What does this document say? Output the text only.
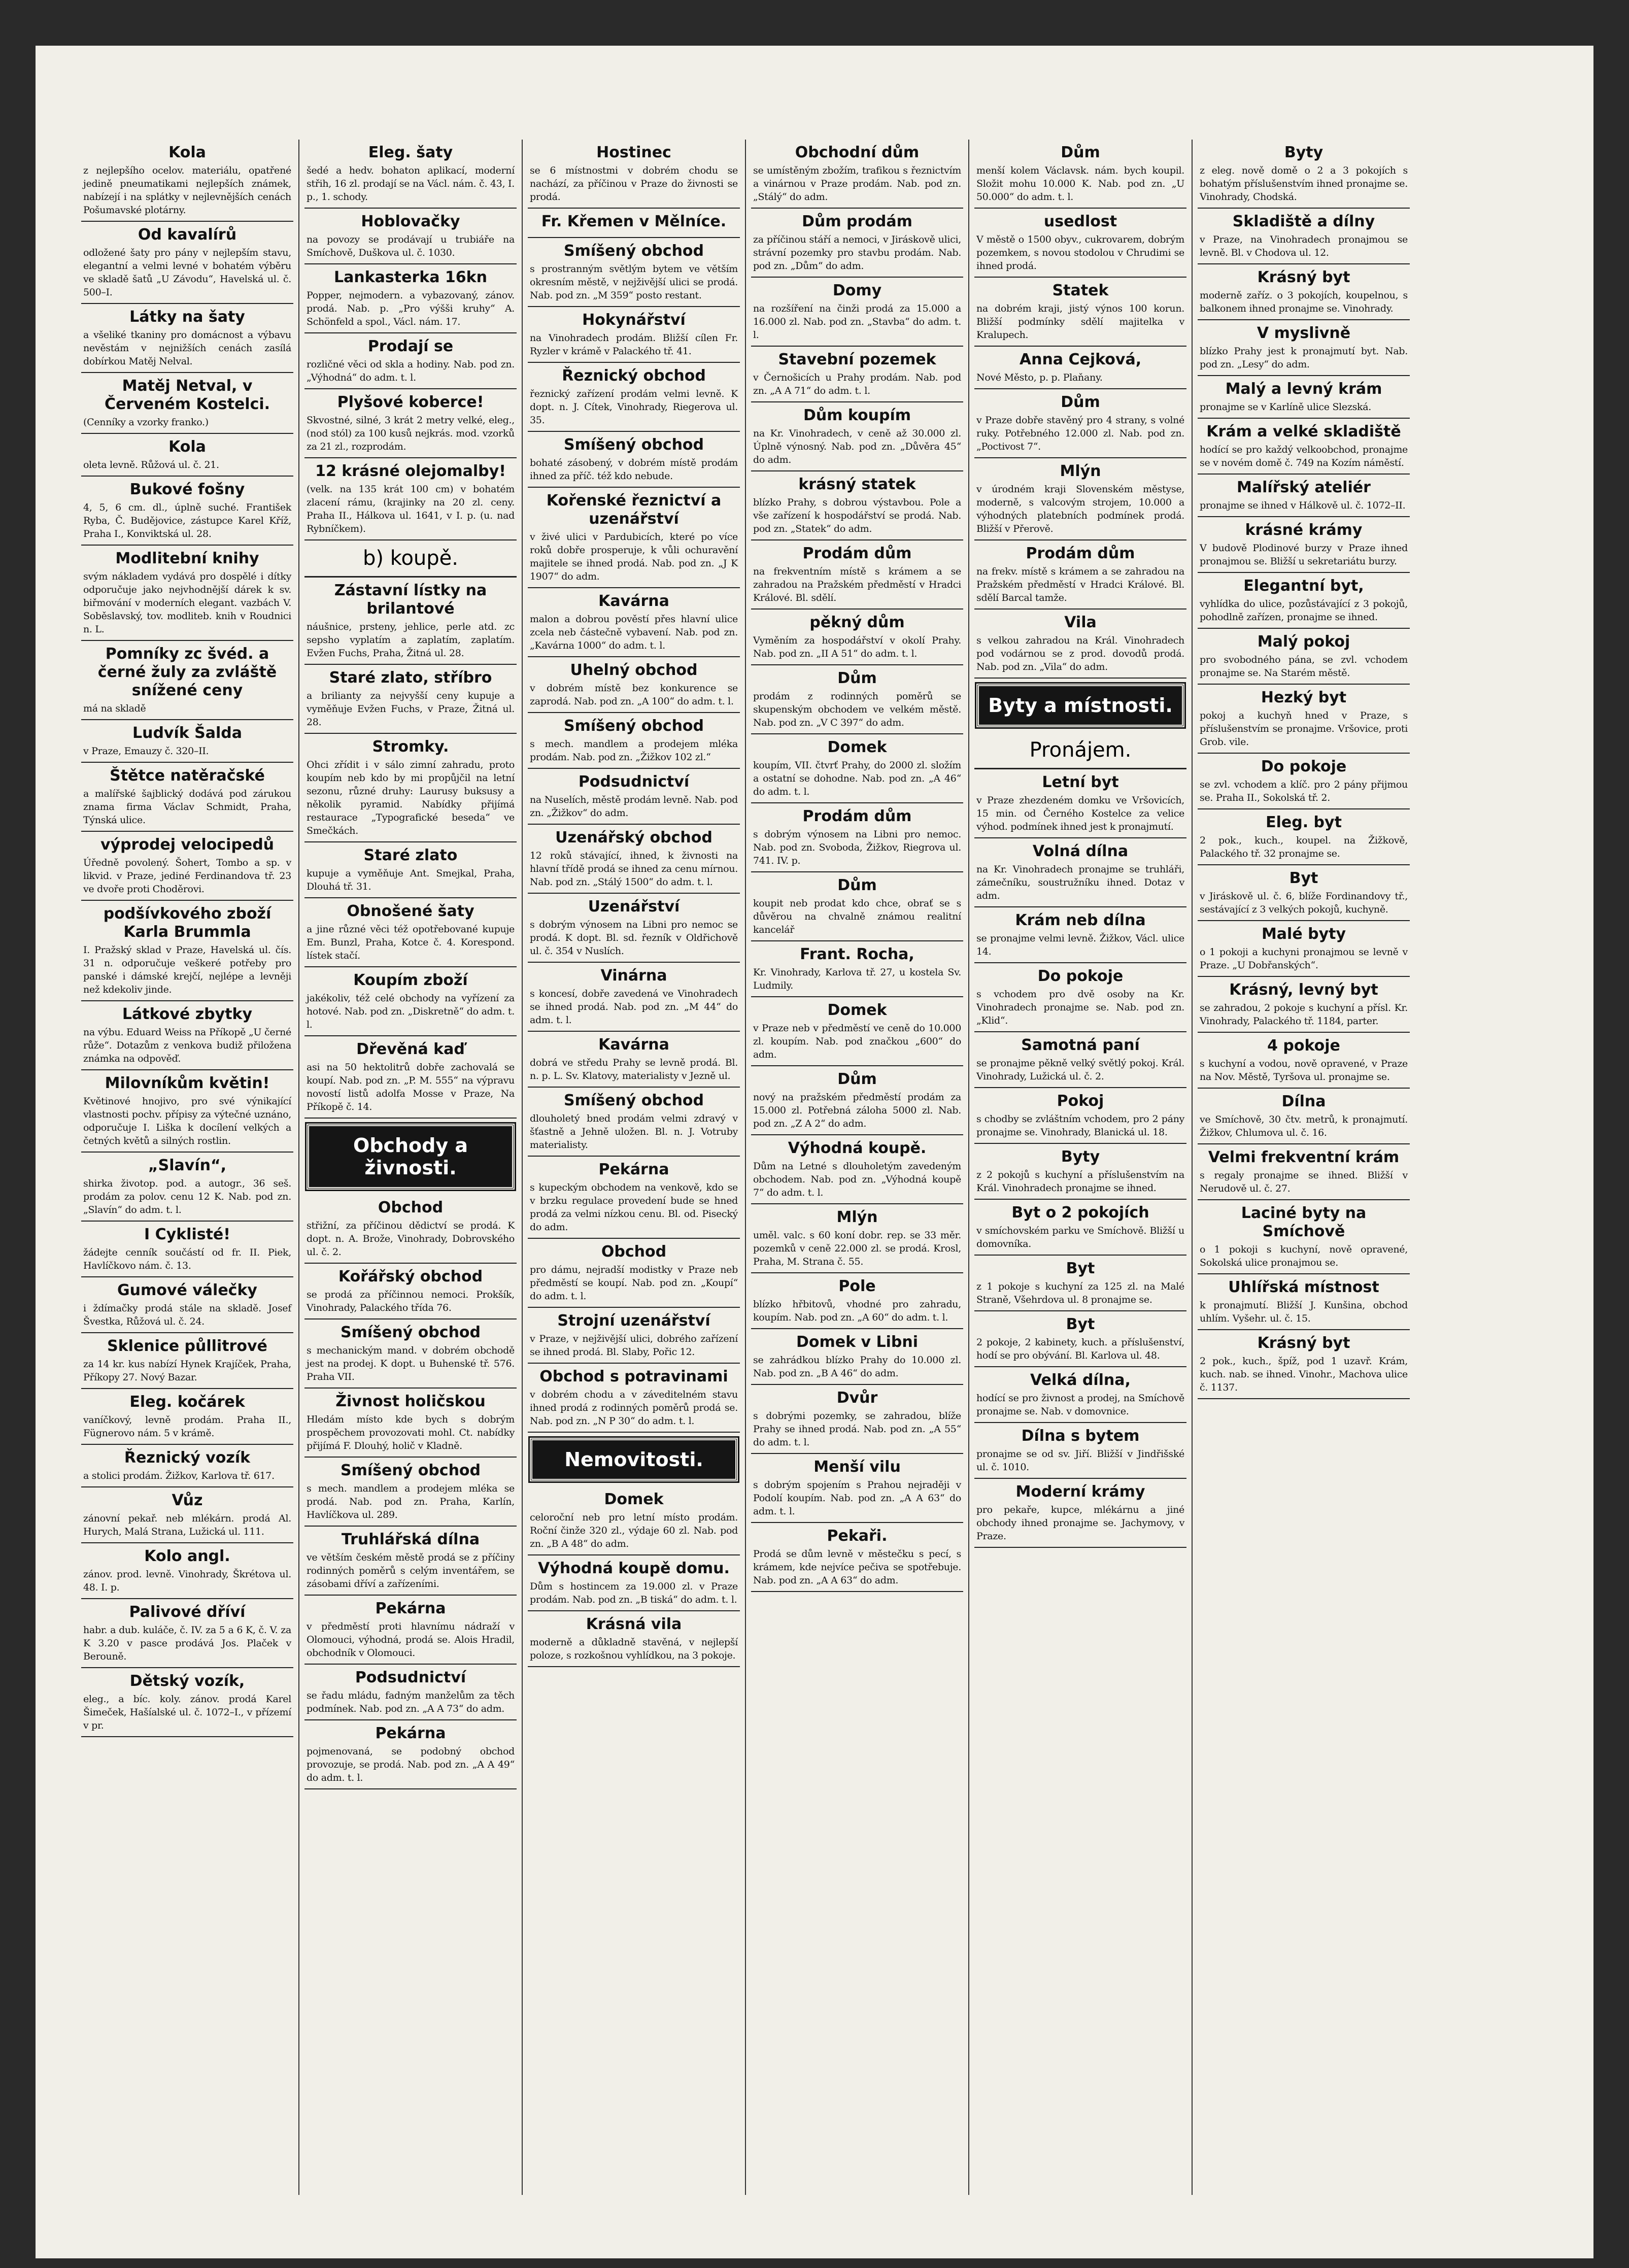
Kola
z nejlepšího ocelov. materiálu, opatřené jedině pneumatikami nejlepších známek, nabízejí i na splátky v nejlevnějších cenách Pošumavské plotárny.
Od kavalírů
odložené šaty pro pány v nejlepším stavu, elegantní a velmi levné v bohatém výběru ve skladě šatů „U Závodu“, Havelská ul. č. 500–I.
Látky na šaty
a všeliké tkaniny pro domácnost a výbavu nevěstám v nejnižších cenách zasílá dobírkou Matěj Nelval.
Matěj Netval, v Červeném Kostelci.
(Cenníky a vzorky franko.)
Kola
oleta levně. Růžová ul. č. 21.
Bukové fošny
4, 5, 6 cm. dl., úplně suché. František Ryba, Č. Budějovice, zástupce Karel Kříž, Praha I., Konviktská ul. 28.
Modlitební knihy
svým nákladem vydává pro dospělé i dítky odporučuje jako nejvhodnější dárek k sv. biřmování v moderních elegant. vazbách V. Soběslavský, tov. modliteb. knih v Roudnici n. L.
Pomníky zc švéd. a černé žuly za zvláště snížené ceny
má na skladě
Ludvík Šalda
v Praze, Emauzy č. 320–II.
Štětce natěračské
a malířské šajblický dodává pod zárukou znama firma Václav Schmidt, Praha, Týnská ulice.
výprodej velocipedů
Úředně povolený. Šohert, Tombo a sp. v likvid. v Praze, jediné Ferdinandova tř. 23 ve dvoře proti Choděrovi.
podšívkového zboží Karla Brummla
I. Pražský sklad v Praze, Havelská ul. čís. 31 n. odporučuje veškeré potřeby pro panské i dámské krejčí, nejlépe a levněji než kdekoliv jinde.
Látkové zbytky
na výbu. Eduard Weiss na Příkopě „U černé růže“. Dotazům z venkova budiž přiložena známka na odpověď.
Milovníkům květin!
Květinové hnojivo, pro své výnikající vlastnosti pochv. přípisy za výtečné uznáno, odporučuje I. Liška k docílení velkých a četných květů a silných rostlin.
„Slavín“,
shirka životop. pod. a autogr., 36 seš. prodám za polov. cenu 12 K. Nab. pod zn. „Slavín“ do adm. t. l.
I Cyklisté!
žádejte cenník součástí od fr. II. Piek, Havlíčkovo nám. č. 13.
Gumové válečky
i ždímačky prodá stále na skladě. Josef Švestka, Růžová ul. č. 24.
Sklenice půllitrové
za 14 kr. kus nabízí Hynek Krajíček, Praha, Příkopy 27. Nový Bazar.
Eleg. kočárek
vaníčkový, levně prodám. Praha II., Fügnerovo nám. 5 v krámě.
Řeznický vozík
a stolici prodám. Žižkov, Karlova tř. 617.
Vůz
zánovní pekař. neb mlékárn. prodá Al. Hurych, Malá Strana, Lužická ul. 111.
Kolo angl.
zánov. prod. levně. Vinohrady, Škrétova ul. 48. I. p.
Palivové dříví
habr. a dub. kuláče, č. IV. za 5 a 6 K, č. V. za K 3.20 v pasce prodává Jos. Plaček v Berouně.
Dětský vozík,
eleg., a bíc. koly. zánov. prodá Karel Šimeček, Hašíalské ul. č. 1072–I., v přízemí v pr.
Eleg. šaty
šedé a hedv. bohaton aplikací, moderní střih, 16 zl. prodají se na Václ. nám. č. 43, I. p., 1. schody.
Hoblovačky
na povozy se prodávají u trubiáře na Smíchově, Duškova ul. č. 1030.
Lankasterka 16kn
Popper, nejmodern. a vybazovaný, zánov. prodá. Nab. p. „Pro výšši kruhy“ A. Schönfeld a spol., Václ. nám. 17.
Prodají se
rozličné věci od skla a hodiny. Nab. pod zn. „Výhodná“ do adm. t. l.
Plyšové koberce!
Skvostné, silné, 3 krát 2 metry velké, eleg., (nod stól) za 100 kusů nejkrás. mod. vzorků za 21 zl., rozprodám.
12 krásné olejomalby!
(velk. na 135 krát 100 cm) v bohatém zlacení rámu, (krajinky na 20 zl. ceny. Praha II., Hálkova ul. 1641, v I. p. (u. nad Rybníčkem).
b) koupě.
Zástavní lístky na brilantové
náušnice, prsteny, jehlice, perle atd. zc sepsho vyplatím a zaplatím, zaplatím. Evžen Fuchs, Praha, Žitná ul. 28.
Staré zlato, stříbro
a brilianty za nejvyšší ceny kupuje a vyměňuje Evžen Fuchs, v Praze, Žitná ul. 28.
Stromky.
Ohci zřídit i v sálo zimní zahradu, proto koupím neb kdo by mi propůjčil na letní sezonu, různé druhy: Laurusy buksusy a několik pyramid. Nabídky přijímá restaurace „Typografické beseda“ ve Smečkách.
Staré zlato
kupuje a vyměňuje Ant. Smejkal, Praha, Dlouhá tř. 31.
Obnošené šaty
a jine různé věci též opotřebované kupuje Em. Bunzl, Praha, Kotce č. 4. Korespond. lístek stačí.
Koupím zboží
jakékoliv, též celé obchody na vyřízení za hotové. Nab. pod zn. „Diskretně“ do adm. t. l.
Dřevěná kaď
asi na 50 hektolitrů dobře zachovalá se koupí. Nab. pod zn. „P. M. 555“ na výpravu novostí listů adolfa Mosse v Praze, Na Příkopě č. 14.
Obchody a živnosti.
Obchod
střižní, za příčinou dědictví se prodá. K dopt. n. A. Brože, Vinohrady, Dobrovského ul. č. 2.
Kořářský obchod
se prodá za příčinnou nemoci. Prokšík, Vinohrady, Palackého třída 76.
Smíšený obchod
s mechanickým mand. v dobrém obchodě jest na prodej. K dopt. u Buhenské tř. 576. Praha VII.
Živnost holičskou
Hledám místo kde bych s dobrým prospěchem provozovati mohl. Ct. nabídky přijímá F. Dlouhý, holič v Kladně.
Smíšený obchod
s mech. mandlem a prodejem mléka se prodá. Nab. pod zn. Praha, Karlín, Havlíčkova ul. 289.
Truhlářská dílna
ve větším českém městě prodá se z příčiny rodinných poměrů s celým inventářem, se zásobami dříví a zařízeními.
Pekárna
v předměstí proti hlavnímu nádraží v Olomouci, výhodná, prodá se. Alois Hradil, obchodník v Olomouci.
Podsudnictví
se řadu mládu, fadným manželům za těch podmínek. Nab. pod zn. „A A 73“ do adm.
Pekárna
pojmenovaná, se podobný obchod provozuje, se prodá. Nab. pod zn. „A A 49“ do adm. t. l.
Hostinec
se 6 místnostmi v dobrém chodu se nachází, za příčinou v Praze do živnosti se prodá.
Fr. Křemen v Mělníce.
Smíšený obchod
s prostranným světlým bytem ve větším okresním městě, v nejživější ulici se prodá. Nab. pod zn. „M 359“ posto restant.
Hokynářství
na Vinohradech prodám. Bližší cílen Fr. Ryzler v krámě v Palackého tř. 41.
Řeznický obchod
řeznický zařízení prodám velmi levně. K dopt. n. J. Cítek, Vinohrady, Riegerova ul. 35.
Smíšený obchod
bohaté zásobený, v dobrém místě prodám ihned za příč. též kdo nebude.
Kořenské řeznictví a uzenářství
v živé ulici v Pardubicích, které po více roků dobře prosperuje, k vůli ochuravění majitele se ihned prodá. Nab. pod zn. „J K 1907“ do adm.
Kavárna
malon a dobrou pověstí přes hlavní ulice zcela neb částečně vybavení. Nab. pod zn. „Kavárna 1000“ do adm. t. l.
Uhelný obchod
v dobrém místě bez konkurence se zaprodá. Nab. pod zn. „A 100“ do adm. t. l.
Smíšený obchod
s mech. mandlem a prodejem mléka prodám. Nab. pod zn. „Žižkov 102 zl.“
Podsudnictví
na Nuselích, městě prodám levně. Nab. pod zn. „Žižkov“ do adm.
Uzenářský obchod
12 roků stávající, ihned, k živnosti na hlavní třídě prodá se ihned za cenu mírnou. Nab. pod zn. „Stálý 1500“ do adm. t. l.
Uzenářství
s dobrým výnosem na Libni pro nemoc se prodá. K dopt. Bl. sd. řezník v Oldřichově ul. č. 354 v Nuslích.
Vinárna
s koncesí, dobře zavedená ve Vinohradech se ihned prodá. Nab. pod zn. „M 44“ do adm. t. l.
Kavárna
dobrá ve středu Prahy se levně prodá. Bl. n. p. L. Sv. Klatovy, materialisty v Jezně ul.
Smíšený obchod
dlouholetý bned prodám velmi zdravý v šťastně a Jehně uložen. Bl. n. J. Votruby materialisty.
Pekárna
s kupeckým obchodem na venkově, kdo se v brzku regulace provedení bude se hned prodá za velmi nízkou cenu. Bl. od. Pisecký do adm.
Obchod
pro dámu, nejradší modistky v Praze neb předměstí se koupí. Nab. pod zn. „Koupí“ do adm. t. l.
Strojní uzenářství
v Praze, v nejživější ulici, dobrého zařízení se ihned prodá. Bl. Slaby, Pořic 12.
Obchod s potravinami
v dobrém chodu a v záveditelném stavu ihned prodá z rodinných poměrů prodá se. Nab. pod zn. „N P 30“ do adm. t. l.
Nemovitosti.
Domek
celoroční neb pro letní místo prodám. Roční činže 320 zl., výdaje 60 zl. Nab. pod zn. „B A 48“ do adm.
Výhodná koupě domu.
Dům s hostincem za 19.000 zl. v Praze prodám. Nab. pod zn. „B tiská“ do adm. t. l.
Krásná vila
moderně a důkladně stavěná, v nejlepší poloze, s rozkošnou vyhlídkou, na 3 pokoje.
Obchodní dům
se umístěným zbožím, trafikou s řeznictvím a vinárnou v Praze prodám. Nab. pod zn. „Stálý“ do adm.
Dům prodám
za příčinou stáří a nemoci, v Jiráskově ulici, strávní pozemky pro stavbu prodám. Nab. pod zn. „Dům“ do adm.
Domy
na rozšíření na činži prodá za 15.000 a 16.000 zl. Nab. pod zn. „Stavba“ do adm. t. l.
Stavební pozemek
v Černošicích u Prahy prodám. Nab. pod zn. „A A 71“ do adm. t. l.
Dům koupím
na Kr. Vinohradech, v ceně až 30.000 zl. Úplně výnosný. Nab. pod zn. „Důvěra 45“ do adm.
krásný statek
blízko Prahy, s dobrou výstavbou. Pole a vše zařízení k hospodářství se prodá. Nab. pod zn. „Statek“ do adm.
Prodám dům
na frekventním místě s krámem a se zahradou na Pražském předměstí v Hradci Králové. Bl. sdělí.
pěkný dům
Vyměním za hospodářství v okolí Prahy. Nab. pod zn. „II A 51“ do adm. t. l.
Dům
prodám z rodinných poměrů se skupenským obchodem ve velkém městě. Nab. pod zn. „V C 397“ do adm.
Domek
koupím, VII. čtvrť Prahy, do 2000 zl. složím a ostatní se dohodne. Nab. pod zn. „A 46“ do adm. t. l.
Prodám dům
s dobrým výnosem na Libni pro nemoc. Nab. pod zn. Svoboda, Žižkov, Riegrova ul. 741. IV. p.
Dům
koupit neb prodat kdo chce, obrať se s důvěrou na chvalně známou realitní kancelář
Frant. Rocha,
Kr. Vinohrady, Karlova tř. 27, u kostela Sv. Ludmily.
Domek
v Praze neb v předměstí ve ceně do 10.000 zl. koupím. Nab. pod značkou „600“ do adm.
Dům
nový na pražském předměstí prodám za 15.000 zl. Potřebná záloha 5000 zl. Nab. pod zn. „Z A 2“ do adm.
Výhodná koupě.
Dům na Letné s dlouholetým zavedeným obchodem. Nab. pod zn. „Výhodná koupě 7“ do adm. t. l.
Mlýn
uměl. valc. s 60 koní dobr. rep. se 33 měr. pozemků v ceně 22.000 zl. se prodá. Krosl, Praha, M. Strana č. 55.
Pole
blízko hřbitovů, vhodné pro zahradu, koupím. Nab. pod zn. „A 60“ do adm. t. l.
Domek v Libni
se zahrádkou blízko Prahy do 10.000 zl. Nab. pod zn. „B A 46“ do adm.
Dvůr
s dobrými pozemky, se zahradou, blíže Prahy se ihned prodá. Nab. pod zn. „A 55“ do adm. t. l.
Menší vilu
s dobrým spojením s Prahou nejraději v Podolí koupím. Nab. pod zn. „A A 63“ do adm. t. l.
Pekaři.
Prodá se dům levně v městečku s pecí, s krámem, kde nejvíce pečiva se spotřebuje. Nab. pod zn. „A A 63“ do adm.
Dům
menší kolem Václavsk. nám. bych koupil. Složit mohu 10.000 K. Nab. pod zn. „U 50.000“ do adm. t. l.
usedlost
V městě o 1500 obyv., cukrovarem, dobrým pozemkem, s novou stodolou v Chrudimi se ihned prodá.
Statek
na dobrém kraji, jistý výnos 100 korun. Bližší podmínky sdělí majitelka v Kralupech.
Anna Cejková,
Nové Město, p. p. Plaňany.
Dům
v Praze dobře stavěný pro 4 strany, s volné ruky. Potřebného 12.000 zl. Nab. pod zn. „Poctivost 7“.
Mlýn
v úrodném kraji Slovenském městyse, moderně, s valcovým strojem, 10.000 a výhodných platebních podmínek prodá. Bližší v Přerově.
Prodám dům
na frekv. místě s krámem a se zahradou na Pražském předměstí v Hradci Králové. Bl. sdělí Barcal tamže.
Vila
s velkou zahradou na Král. Vinohradech pod vodárnou se z prod. dovodů prodá. Nab. pod zn. „Vila“ do adm.
Byty a místnosti.
Pronájem.
Letní byt
v Praze zhezdeném domku ve Vršovicích, 15 min. od Černého Kostelce za velice výhod. podmínek ihned jest k pronajmutí.
Volná dílna
na Kr. Vinohradech pronajme se truhláři, zámečníku, soustružníku ihned. Dotaz v adm.
Krám neb dílna
se pronajme velmi levně. Žižkov, Václ. ulice 14.
Do pokoje
s vchodem pro dvě osoby na Kr. Vinohradech pronajme se. Nab. pod zn. „Klid“.
Samotná paní
se pronajme pěkně velký světlý pokoj. Král. Vinohrady, Lužická ul. č. 2.
Pokoj
s chodby se zvláštním vchodem, pro 2 pány pronajme se. Vinohrady, Blanická ul. 18.
Byty
z 2 pokojů s kuchyní a příslušenstvím na Král. Vinohradech pronajme se ihned.
Byt o 2 pokojích
v smíchovském parku ve Smíchově. Bližší u domovníka.
Byt
z 1 pokoje s kuchyní za 125 zl. na Malé Straně, Všehrdova ul. 8 pronajme se.
Byt
2 pokoje, 2 kabinety, kuch. a příslušenství, hodí se pro obývání. Bl. Karlova ul. 48.
Velká dílna,
hodící se pro živnost a prodej, na Smíchově pronajme se. Nab. v domovnice.
Dílna s bytem
pronajme se od sv. Jiří. Bližší v Jindřišské ul. č. 1010.
Moderní krámy
pro pekaře, kupce, mlékárnu a jiné obchody ihned pronajme se. Jachymovy, v Praze.
Byty
z eleg. nově domě o 2 a 3 pokojích s bohatým příslušenstvím ihned pronajme se. Vinohrady, Chodská.
Skladiště a dílny
v Praze, na Vinohradech pronajmou se levně. Bl. v Chodova ul. 12.
Krásný byt
moderně zaříz. o 3 pokojích, koupelnou, s balkonem ihned pronajme se. Vinohrady.
V myslivně
blízko Prahy jest k pronajmutí byt. Nab. pod zn. „Lesy“ do adm.
Malý a levný krám
pronajme se v Karlíně ulice Slezská.
Krám a velké skladiště
hodící se pro každý velkoobchod, pronajme se v novém domě č. 749 na Kozím náměstí.
Malířský ateliér
pronajme se ihned v Hálkově ul. č. 1072–II.
krásné krámy
V budově Plodinové burzy v Praze ihned pronajmou se. Bližší u sekretariátu burzy.
Elegantní byt,
vyhlídka do ulice, pozůstávající z 3 pokojů, pohodlně zařízen, pronajme se ihned.
Malý pokoj
pro svobodného pána, se zvl. vchodem pronajme se. Na Starém městě.
Hezký byt
pokoj a kuchyň hned v Praze, s příslušenstvím se pronajme. Vršovice, proti Grob. vile.
Do pokoje
se zvl. vchodem a klíč. pro 2 pány přijmou se. Praha II., Sokolská tř. 2.
Eleg. byt
2 pok., kuch., koupel. na Žižkově, Palackého tř. 32 pronajme se.
Byt
v Jiráskově ul. č. 6, blíže Fordinandovy tř., sestávající z 3 velkých pokojů, kuchyně.
Malé byty
o 1 pokoji a kuchyni pronajmou se levně v Praze. „U Dobřanských“.
Krásný, levný byt
se zahradou, 2 pokoje s kuchyní a přísl. Kr. Vinohrady, Palackého tř. 1184, parter.
4 pokoje
s kuchyní a vodou, nově opravené, v Praze na Nov. Městě, Tyršova ul. pronajme se.
Dílna
ve Smíchově, 30 čtv. metrů, k pronajmutí. Žižkov, Chlumova ul. č. 16.
Velmi frekventní krám
s regaly pronajme se ihned. Bližší v Nerudově ul. č. 27.
Laciné byty na Smíchově
o 1 pokoji s kuchyní, nově opravené, Sokolská ulice pronajmou se.
Uhlířská místnost
k pronajmutí. Bližší J. Kunšina, obchod uhlím. Vyšehr. ul. č. 15.
Krásný byt
2 pok., kuch., špíž, pod 1 uzavř. Krám, kuch. nab. se ihned. Vinohr., Machova ulice č. 1137.
